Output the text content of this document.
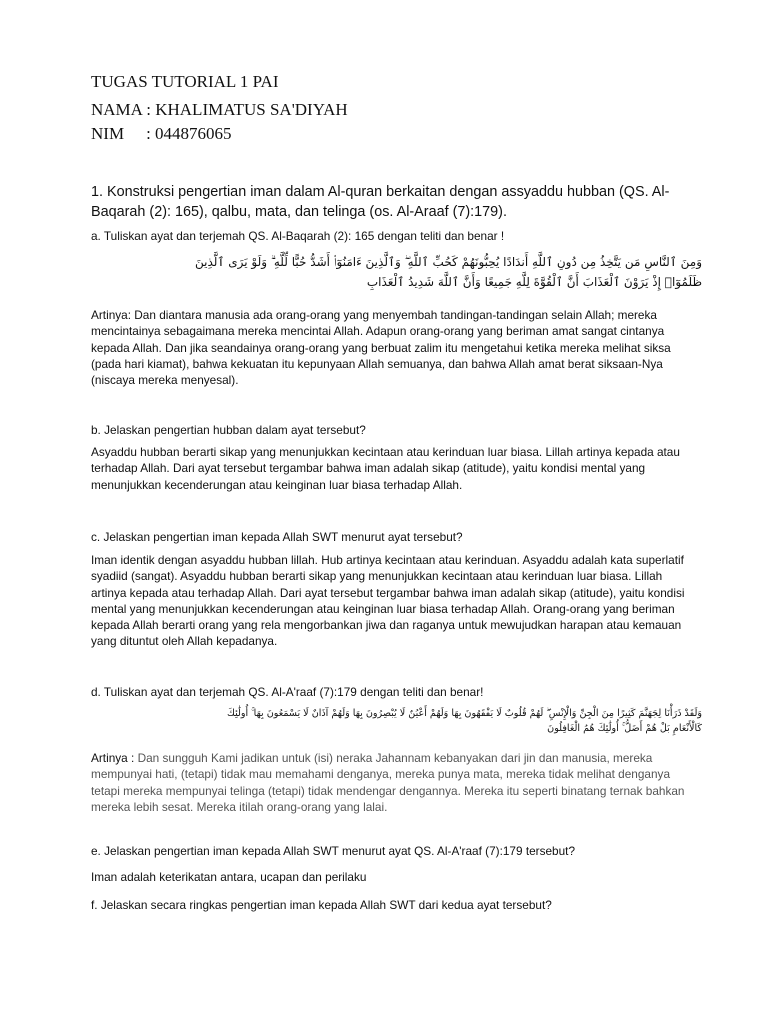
TUGAS TUTORIAL 1 PAI
NAMA : KHALIMATUS SA'DIYAH
NIM : 044876065
1. Konstruksi pengertian iman dalam Al-quran berkaitan dengan assyaddu hubban (QS. Al-Baqarah (2): 165), qalbu, mata, dan telinga (os. Al-Araaf (7):179).
a. Tuliskan ayat dan terjemah QS. Al-Baqarah (2): 165 dengan teliti dan benar !
وَمِنَ ٱلنَّاسِ مَن يَتَّخِذُ مِن دُونِ ٱللَّهِ أَندَادًا يُحِبُّونَهُمْ كَحُبِّ ٱللَّهِ ۖ وَٱلَّذِينَ ءَامَنُوٓا۟ أَشَدُّ حُبًّا لِّلَّهِ ۗ وَلَوْ يَرَى ٱلَّذِينَ
ظَلَمُوٓا۟ إِذْ يَرَوْنَ ٱلْعَذَابَ أَنَّ ٱلْقُوَّةَ لِلَّهِ جَمِيعًا وَأَنَّ ٱللَّهَ شَدِيدُ ٱلْعَذَابِ
Artinya: Dan diantara manusia ada orang-orang yang menyembah tandingan-tandingan selain Allah; mereka mencintainya sebagaimana mereka mencintai Allah. Adapun orang-orang yang beriman amat sangat cintanya kepada Allah. Dan jika seandainya orang-orang yang berbuat zalim itu mengetahui ketika mereka melihat siksa (pada hari kiamat), bahwa kekuatan itu kepunyaan Allah semuanya, dan bahwa Allah amat berat siksaan-Nya (niscaya mereka menyesal).
b. Jelaskan pengertian hubban dalam ayat tersebut?
Asyaddu hubban berarti sikap yang menunjukkan kecintaan atau kerinduan luar biasa. Lillah artinya kepada atau terhadap Allah. Dari ayat tersebut tergambar bahwa iman adalah sikap (atitude), yaitu kondisi mental yang menunjukkan kecenderungan atau keinginan luar biasa terhadap Allah.
c. Jelaskan pengertian iman kepada Allah SWT menurut ayat tersebut?
Iman identik dengan asyaddu hubban lillah. Hub artinya kecintaan atau kerinduan. Asyaddu adalah kata superlatif syadiid (sangat). Asyaddu hubban berarti sikap yang menunjukkan kecintaan atau kerinduan luar biasa. Lillah artinya kepada atau terhadap Allah. Dari ayat tersebut tergambar bahwa iman adalah sikap (atitude), yaitu kondisi mental yang menunjukkan kecenderungan atau keinginan luar biasa terhadap Allah. Orang-orang yang beriman kepada Allah berarti orang yang rela mengorbankan jiwa dan raganya untuk mewujudkan harapan atau kemauan yang dituntut oleh Allah kepadanya.
d. Tuliskan ayat dan terjemah QS. Al-A'raaf (7):179 dengan teliti dan benar!
وَلَقَدْ ذَرَأْنَا لِجَهَنَّمَ كَثِيرًا مِنَ الْجِنِّ وَالْإِنْسِ ۖ لَهُمْ قُلُوبٌ لَا يَفْقَهُونَ بِهَا وَلَهُمْ أَعْيُنٌ لَا يُبْصِرُونَ بِهَا وَلَهُمْ آذَانٌ لَا يَسْمَعُونَ بِهَا ۚ أُولَٰئِكَ
كَالْأَنْعَامِ بَلْ هُمْ أَضَلُّ ۚ أُولَٰئِكَ هُمُ الْغَافِلُونَ
Artinya : Dan sungguh Kami jadikan untuk (isi) neraka Jahannam kebanyakan dari jin dan manusia, mereka mempunyai hati, (tetapi) tidak mau memahami denganya, mereka punya mata, mereka tidak melihat denganya tetapi mereka mempunyai telinga (tetapi) tidak mendengar dengannya. Mereka itu seperti binatang ternak bahkan mereka lebih sesat. Mereka itilah orang-orang yang lalai.
e. Jelaskan pengertian iman kepada Allah SWT menurut ayat QS. Al-A'raaf (7):179 tersebut?
Iman adalah keterikatan antara, ucapan dan perilaku
f. Jelaskan secara ringkas pengertian iman kepada Allah SWT dari kedua ayat tersebut?
